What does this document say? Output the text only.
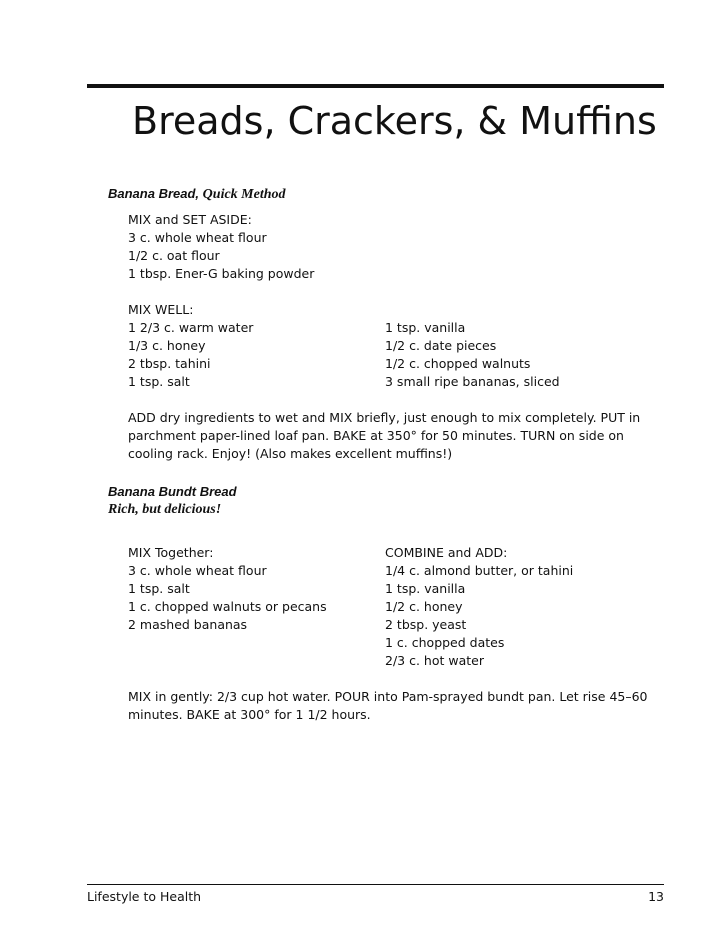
Breads, Crackers, & Muffins

Banana Bread, Quick Method

MIX and SET ASIDE:

3 c. whole wheat flour

1/2 c. oat flour

1 tbsp. Ener-G baking powder

MIX WELL:

1 2/3 c. warm water

1/3 c. honey

2 tbsp. tahini

1 tsp. salt

1 tsp. vanilla

1/2 c. date pieces

1/2 c. chopped walnuts

3 small ripe bananas, sliced

ADD dry ingredients to wet and MIX briefly, just enough to mix completely. PUT in

parchment paper-lined loaf pan. BAKE at 350° for 50 minutes. TURN on side on

cooling rack. Enjoy! (Also makes excellent muffins!)

Banana Bundt Bread

Rich, but delicious!

MIX Together:

3 c. whole wheat flour

1 tsp. salt

1 c. chopped walnuts or pecans

2 mashed bananas

COMBINE and ADD:

1/4 c. almond butter, or tahini

1 tsp. vanilla

1/2 c. honey

2 tbsp. yeast

1 c. chopped dates

2/3 c. hot water

MIX in gently: 2/3 cup hot water. POUR into Pam-sprayed bundt pan. Let rise 45–60

minutes. BAKE at 300° for 1 1/2 hours.

Lifestyle to Health	13
